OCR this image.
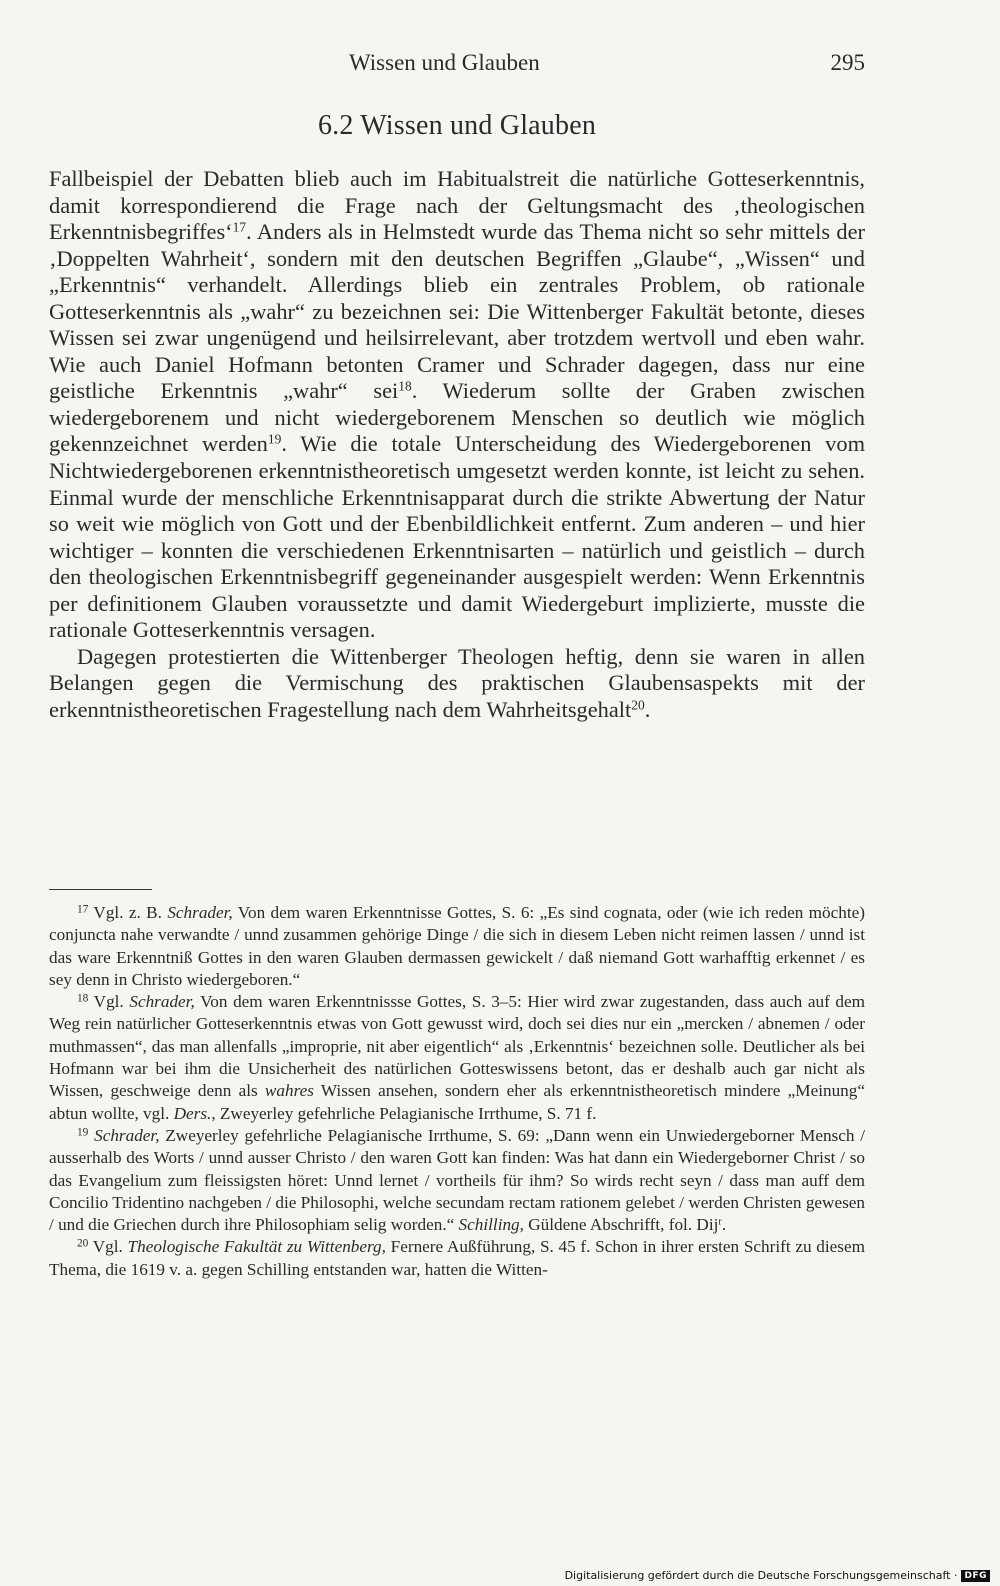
Wissen und Glauben	295
6.2 Wissen und Glauben

Fallbeispiel der Debatten blieb auch im Habitualstreit die natürliche Gotteserkenntnis, damit korrespondierend die Frage nach der Geltungsmacht des ‚theologischen Erkenntnisbegriffes‘$^{17}$. Anders als in Helmstedt wurde das Thema nicht so sehr mittels der ‚Doppelten Wahrheit‘, sondern mit den deutschen Begriffen „Glaube“, „Wissen“ und „Erkenntnis“ verhandelt. Allerdings blieb ein zentrales Problem, ob rationale Gotteserkenntnis als „wahr“ zu bezeichnen sei: Die Wittenberger Fakultät betonte, dieses Wissen sei zwar ungenügend und heilsirrelevant, aber trotzdem wertvoll und eben wahr. Wie auch Daniel Hofmann betonten Cramer und Schrader dagegen, dass nur eine geistliche Erkenntnis „wahr“ sei$^{18}$. Wiederum sollte der Graben zwischen wiedergeborenem und nicht wiedergeborenem Menschen so deutlich wie möglich gekennzeichnet werden$^{19}$. Wie die totale Unterscheidung des Wiedergeborenen vom Nichtwiedergeborenen erkenntnistheoretisch umgesetzt werden konnte, ist leicht zu sehen. Einmal wurde der menschliche Erkenntnisapparat durch die strikte Abwertung der Natur so weit wie möglich von Gott und der Ebenbildlichkeit entfernt. Zum anderen – und hier wichtiger – konnten die verschiedenen Erkenntnisarten – natürlich und geistlich – durch den theologischen Erkenntnisbegriff gegeneinander ausgespielt werden: Wenn Erkenntnis per definitionem Glauben voraussetzte und damit Wiedergeburt implizierte, musste die rationale Gotteserkenntnis versagen.

Dagegen protestierten die Wittenberger Theologen heftig, denn sie waren in allen Belangen gegen die Vermischung des praktischen Glaubensaspekts mit der erkenntnistheoretischen Fragestellung nach dem Wahrheitsgehalt$^{20}$.

$^{17}$ Vgl. z. B. Schrader, Von dem waren Erkenntnisse Gottes, S. 6: „Es sind cognata, oder (wie ich reden möchte) conjuncta nahe verwandte / unnd zusammen gehörige Dinge / die sich in diesem Leben nicht reimen lassen / unnd ist das ware Erkenntniß Gottes in den waren Glauben dermassen gewickelt / daß niemand Gott warhafftig erkennet / es sey denn in Christo wiedergeboren.“

$^{18}$ Vgl. Schrader, Von dem waren Erkenntnissse Gottes, S. 3–5: Hier wird zwar zugestanden, dass auch auf dem Weg rein natürlicher Gotteserkenntnis etwas von Gott gewusst wird, doch sei dies nur ein „mercken / abnemen / oder muthmassen“, das man allenfalls „improprie, nit aber eigentlich“ als ‚Erkenntnis‘ bezeichnen solle. Deutlicher als bei Hofmann war bei ihm die Unsicherheit des natürlichen Gotteswissens betont, das er deshalb auch gar nicht als Wissen, geschweige denn als wahres Wissen ansehen, sondern eher als erkenntnistheoretisch mindere „Meinung“ abtun wollte, vgl. Ders., Zweyerley gefehrliche Pelagianische Irrthume, S. 71 f.

$^{19}$ Schrader, Zweyerley gefehrliche Pelagianische Irrthume, S. 69: „Dann wenn ein Unwiedergeborner Mensch / ausserhalb des Worts / unnd ausser Christo / den waren Gott kan finden: Was hat dann ein Wiedergeborner Christ / so das Evangelium zum fleissigsten höret: Unnd lernet / vortheils für ihm? So wirds recht seyn / dass man auff dem Concilio Tridentino nachgeben / die Philosophi, welche secundam rectam rationem gelebet / werden Christen gewesen / und die Griechen durch ihre Philosophiam selig worden.“ Schilling, Güldene Abschrifft, fol. Dij$^r$.

$^{20}$ Vgl. Theologische Fakultät zu Wittenberg, Fernere Außführung, S. 45 f. Schon in ihrer ersten Schrift zu diesem Thema, die 1619 v. a. gegen Schilling entstanden war, hatten die Witten-

Digitalisierung gefördert durch die Deutsche Forschungsgemeinschaft · DFG
